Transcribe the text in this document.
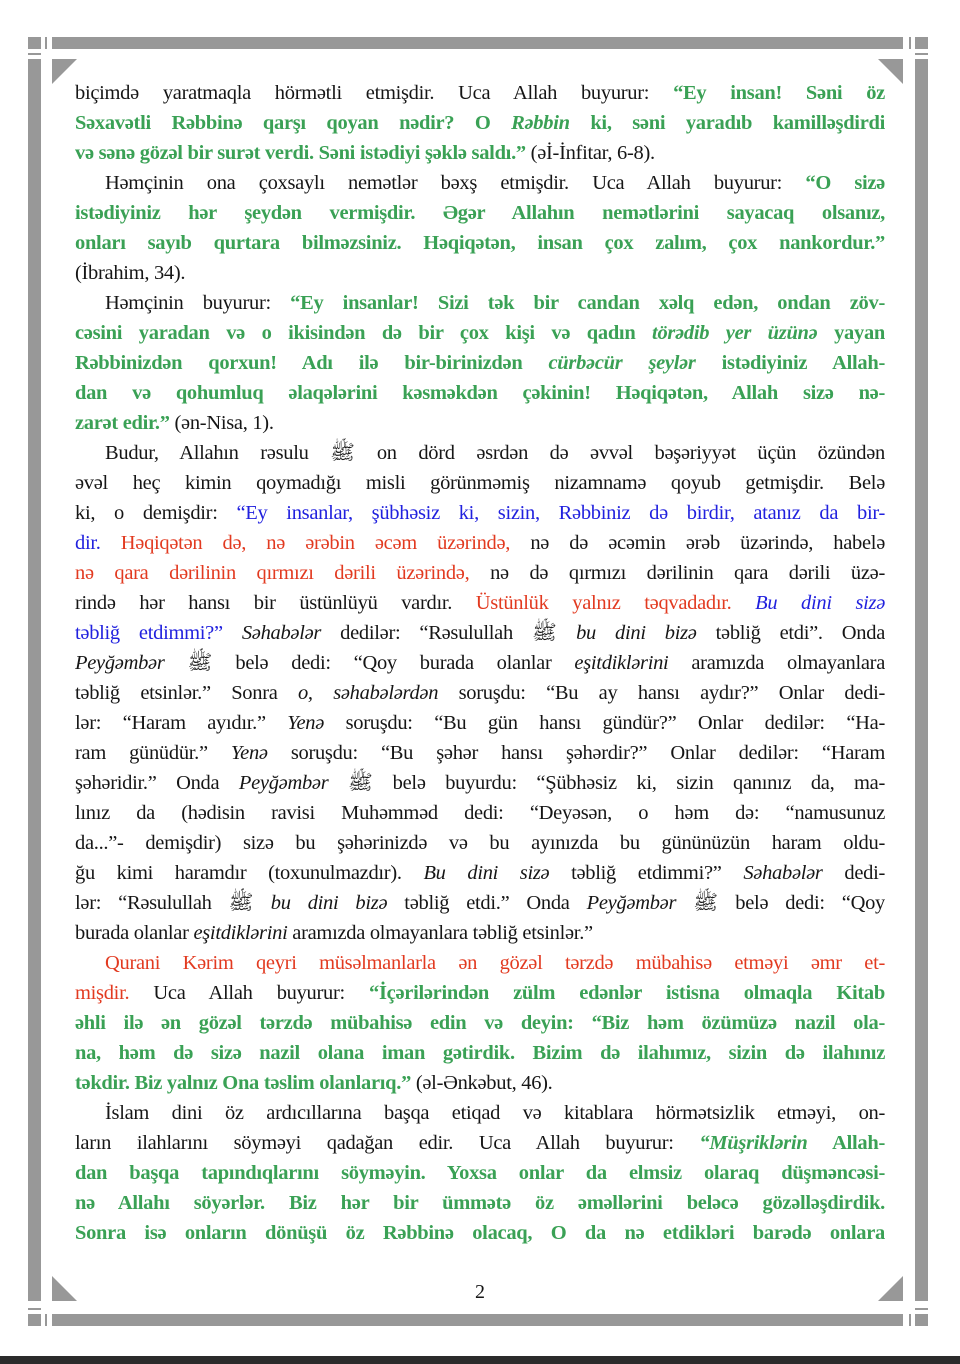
biçimdə yaratmaqla hörmətli etmişdir. Uca Allah buyurur: “Ey insan! Səni öz
Səxavətli Rəbbinə qarşı qoyan nədir? O Rəbbin ki, səni yaradıb kamilləşdirdi
və sənə gözəl bir surət verdi. Səni istədiyi şəklə saldı.” (əİ-İnfitar, 6-8).
Həmçinin ona çoxsaylı nemətlər bəxş etmişdir. Uca Allah buyurur: “O sizə
istədiyiniz hər şeydən vermişdir. Əgər Allahın nemətlərini sayacaq olsanız,
onları sayıb qurtara bilməzsiniz. Həqiqətən, insan çox zalım, çox nankordur.”
(İbrahim, 34).
Həmçinin buyurur: “Ey insanlar! Sizi tək bir candan xəlq edən, ondan zöv-
cəsini yaradan və o ikisindən də bir çox kişi və qadın törədib yer üzünə yayan
Rəbbinizdən qorxun! Adı ilə bir-birinizdən cürbəcür şeylər istədiyiniz Allah-
dan və qohumluq əlaqələrini kəsməkdən çəkinin! Həqiqətən, Allah sizə nə-
zarət edir.” (ən-Nisa, 1).
Budur, Allahın rəsulu ﷺ on dörd əsrdən də əvvəl bəşəriyyət üçün özündən
əvəl heç kimin qoymadığı misli görünməmiş nizamnamə qoyub getmişdir. Belə
ki, o demişdir: “Ey insanlar, şübhəsiz ki, sizin, Rəbbiniz də birdir, atanız da bir-
dir. Həqiqətən də, nə ərəbin əcəm üzərində, nə də əcəmin ərəb üzərində, habelə
nə qara dərilinin qırmızı dərili üzərində, nə də qırmızı dərilinin qara dərili üzə-
rində hər hansı bir üstünlüyü vardır. Üstünlük yalnız təqvadadır. Bu dini sizə
təbliğ etdimmi?” Səhabələr dedilər: “Rəsulullah ﷺ bu dini bizə təbliğ etdi”. Onda
Peyğəmbər ﷺ belə dedi: “Qoy burada olanlar eşitdiklərini aramızda olmayanlara
təbliğ etsinlər.” Sonra o, səhabələrdən soruşdu: “Bu ay hansı aydır?” Onlar dedi-
lər: “Haram ayıdır.” Yenə soruşdu: “Bu gün hansı gündür?” Onlar dedilər: “Ha-
ram günüdür.” Yenə soruşdu: “Bu şəhər hansı şəhərdir?” Onlar dedilər: “Haram
şəhəridir.” Onda Peyğəmbər ﷺ belə buyurdu: “Şübhəsiz ki, sizin qanınız da, ma-
lınız da (hədisin ravisi Muhəmməd dedi: “Deyəsən, o həm də: “namusunuz
da...”- demişdir) sizə bu şəhərinizdə və bu ayınızda bu gününüzün haram oldu-
ğu kimi haramdır (toxunulmazdır). Bu dini sizə təbliğ etdimmi?” Səhabələr dedi-
lər: “Rəsulullah ﷺ bu dini bizə təbliğ etdi.” Onda Peyğəmbər ﷺ belə dedi: “Qoy
burada olanlar eşitdiklərini aramızda olmayanlara təbliğ etsinlər.”
Qurani Kərim qeyri müsəlmanlarla ən gözəl tərzdə mübahisə etməyi əmr et-
mişdir. Uca Allah buyurur: “İçərilərindən zülm edənlər istisna olmaqla Kitab
əhli ilə ən gözəl tərzdə mübahisə edin və deyin: “Biz həm özümüzə nazil ola-
na, həm də sizə nazil olana iman gətirdik. Bizim də ilahımız, sizin də ilahınız
təkdir. Biz yalnız Ona təslim olanlarıq.” (əl-Ənkəbut, 46).
İslam dini öz ardıcıllarına başqa etiqad və kitablara hörmətsizlik etməyi, on-
ların ilahlarını söyməyi qadağan edir. Uca Allah buyurur: “Müşriklərin Allah-
dan başqa tapındıqlarını söyməyin. Yoxsa onlar da elmsiz olaraq düşməncəsi-
nə Allahı söyərlər. Biz hər bir ümmətə öz əməllərini beləcə gözəlləşdirdik.
Sonra isə onların dönüşü öz Rəbbinə olacaq, O da nə etdikləri barədə onlara
2
